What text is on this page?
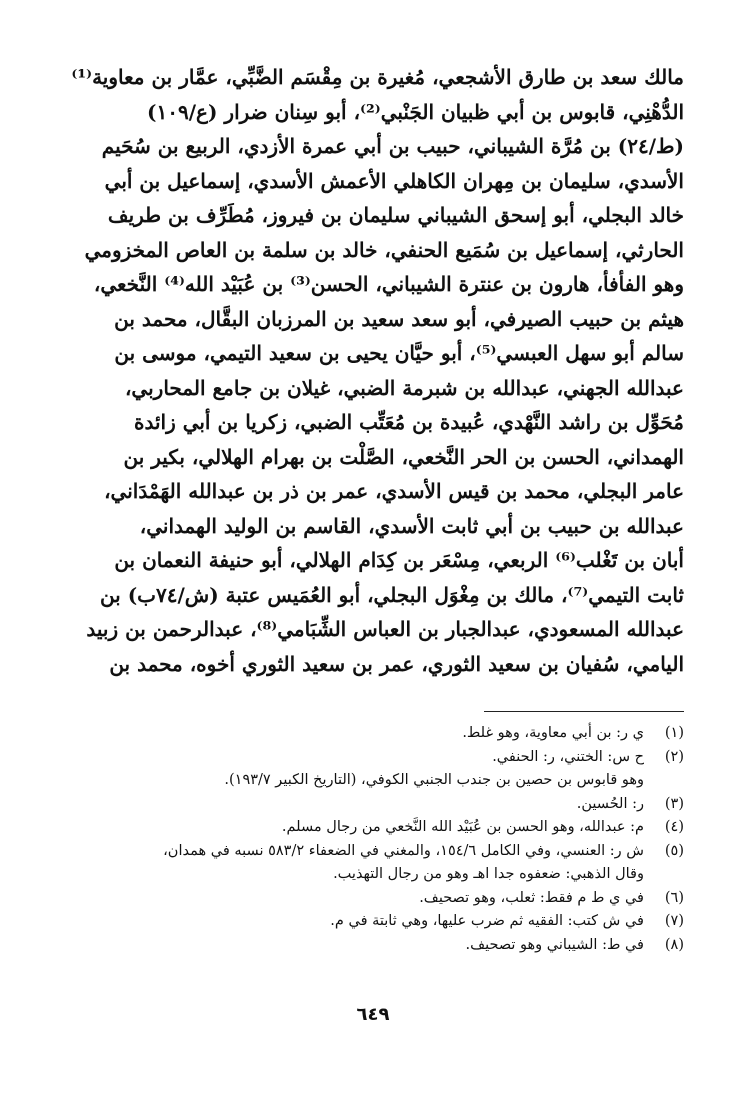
مالك سعد بن طارق الأشجعي، مُغيرة بن مِقْسَم الضَّبِّي، عمَّار بن معاوية⁽¹⁾
الدُّهْنِي، قابوس بن أبي ظبيان الجَنْبي⁽²⁾، أبو سِنان ضرار (ع/١٠٩)
(ط/٢٤) بن مُرَّة الشيباني، حبيب بن أبي عمرة الأزدي، الربيع بن سُحَيم
الأسدي، سليمان بن مِهران الكاهلي الأعمش الأسدي، إسماعيل بن أبي
خالد البجلي، أبو إسحق الشيباني سليمان بن فيروز، مُطَرِّف بن طريف
الحارثي، إسماعيل بن سُمَيع الحنفي، خالد بن سلمة بن العاص المخزومي
وهو الفأفأ، هارون بن عنترة الشيباني، الحسن⁽³⁾ بن عُبَيْد الله⁽⁴⁾ النَّخعي،
هيثم بن حبيب الصيرفي، أبو سعد سعيد بن المرزبان البقَّال، محمد بن
سالم أبو سهل العبسي⁽⁵⁾، أبو حيَّان يحيى بن سعيد التيمي، موسى بن
عبدالله الجهني، عبدالله بن شبرمة الضبي، غيلان بن جامع المحاربي،
مُحَوِّل بن راشد النَّهْدي، عُبيدة بن مُعَتِّب الضبي، زكريا بن أبي زائدة
الهمداني، الحسن بن الحر النَّخعي، الصَّلْت بن بهرام الهلالي، بكير بن
عامر البجلي، محمد بن قيس الأسدي، عمر بن ذر بن عبدالله الهَمْدَاني،
عبدالله بن حبيب بن أبي ثابت الأسدي، القاسم بن الوليد الهمداني،
أبان بن تَغْلب⁽⁶⁾ الربعي، مِسْعَر بن كِدَام الهلالي، أبو حنيفة النعمان بن
ثابت التيمي⁽⁷⁾، مالك بن مِغْوَل البجلي، أبو العُمَيس عتبة (ش/٧٤ب) بن
عبدالله المسعودي، عبدالجبار بن العباس الشِّبَامي⁽⁸⁾، عبدالرحمن بن زبيد
اليامي، سُفيان بن سعيد الثوري، عمر بن سعيد الثوري أخوه، محمد بن
(١)
ي ر: بن أبي معاوية، وهو غلط.
(٢)
ح س: الختني، ر: الحنفي.
وهو قابوس بن حصين بن جندب الجنبي الكوفي، (التاريخ الكبير ١٩٣/٧).
(٣)
ر: الحُسين.
(٤)
م: عبدالله، وهو الحسن بن عُبَيْد الله النَّخعي من رجال مسلم.
(٥)
ش ر: العنسي، وفي الكامل ١٥٤/٦، والمغني في الضعفاء ٥٨٣/٢ نسبه في همدان،
وقال الذهبي: ضعفوه جدا اهـ وهو من رجال التهذيب.
(٦)
في ي ط م فقط: ثعلب، وهو تصحيف.
(٧)
في ش كتب: الفقيه ثم ضرب عليها، وهي ثابتة في م.
(٨)
في ط: الشيباني وهو تصحيف.
٦٤٩
